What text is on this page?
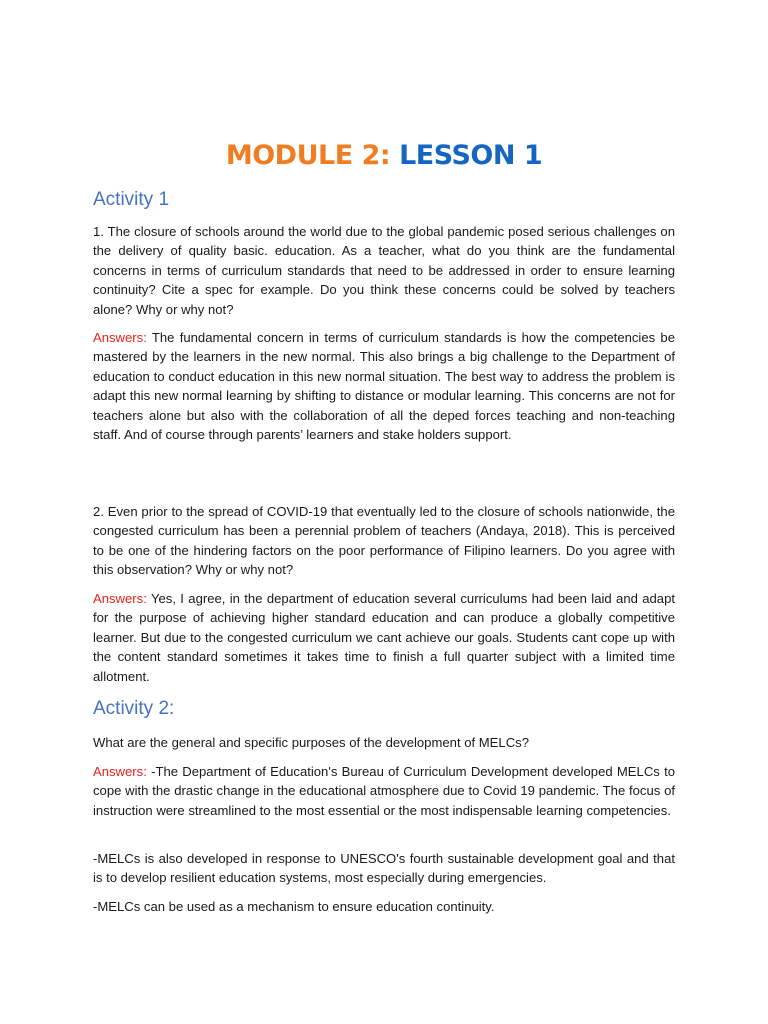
MODULE 2: LESSON 1
Activity 1
1. The closure of schools around the world due to the global pandemic posed serious challenges on the delivery of quality basic. education. As a teacher, what do you think are the fundamental concerns in terms of curriculum standards that need to be addressed in order to ensure learning continuity? Cite a spec for example. Do you think these concerns could be solved by teachers alone? Why or why not?
Answers: The fundamental concern in terms of curriculum standards is how the competencies be mastered by the learners in the new normal. This also brings a big challenge to the Department of education to conduct education in this new normal situation. The best way to address the problem is adapt this new normal learning by shifting to distance or modular learning. This concerns are not for teachers alone but also with the collaboration of all the deped forces teaching and non-teaching staff. And of course through parents’ learners and stake holders support.
2. Even prior to the spread of COVID-19 that eventually led to the closure of schools nationwide, the congested curriculum has been a perennial problem of teachers (Andaya, 2018). This is perceived to be one of the hindering factors on the poor performance of Filipino learners. Do you agree with this observation? Why or why not?
Answers: Yes, I agree, in the department of education several curriculums had been laid and adapt for the purpose of achieving higher standard education and can produce a globally competitive learner. But due to the congested curriculum we cant achieve our goals. Students cant cope up with the content standard sometimes it takes time to finish a full quarter subject with a limited time allotment.
Activity 2:
What are the general and specific purposes of the development of MELCs?
Answers: -The Department of Education's Bureau of Curriculum Development developed MELCs to cope with the drastic change in the educational atmosphere due to Covid 19 pandemic. The focus of instruction were streamlined to the most essential or the most indispensable learning competencies.
-MELCs is also developed in response to UNESCO's fourth sustainable development goal and that is to develop resilient education systems, most especially during emergencies.
-MELCs can be used as a mechanism to ensure education continuity.
